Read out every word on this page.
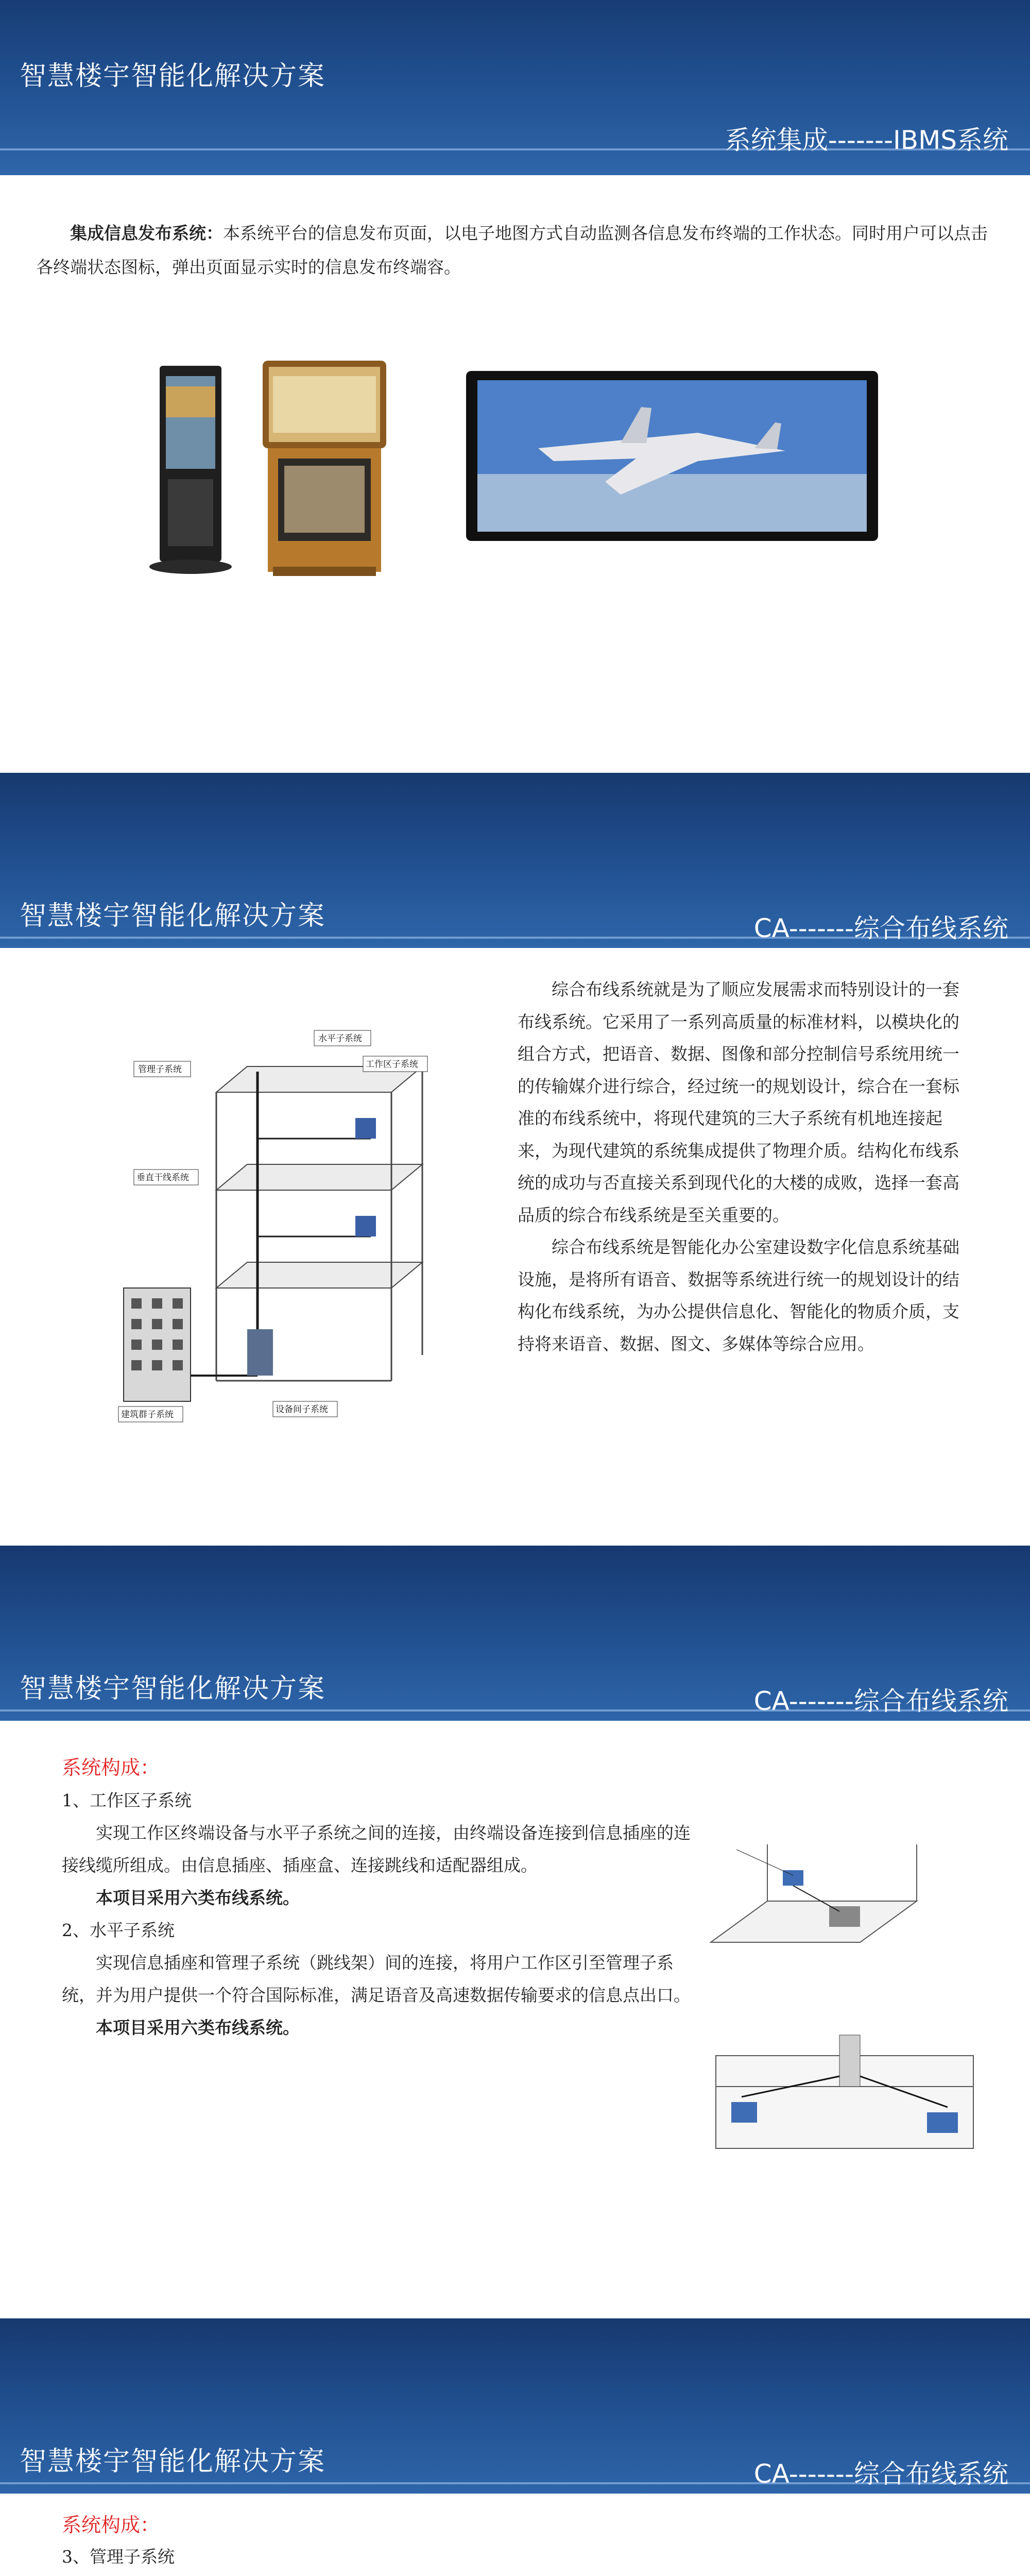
智慧楼宇智能化解决方案
系统集成-------IBMS系统

集成信息发布系统：本系统平台的信息发布页面，以电子地图方式自动监测各信息发布终端的工作状态。同时用户可以点击各终端状态图标，弹出页面显示实时的信息发布终端容。

智慧楼宇智能化解决方案	CA-------综合布线系统
管理子系统
水平子系统
工作区子系统
垂直干线系统
建筑群子系统	设备间子系统

综合布线系统就是为了顺应发展需求而特别设计的一套布线系统。它采用了一系列高质量的标准材料，以模块化的组合方式，把语音、数据、图像和部分控制信号系统用统一的传输媒介进行综合，经过统一的规划设计，综合在一套标准的布线系统中，将现代建筑的三大子系统有机地连接起来，为现代建筑的系统集成提供了物理介质。结构化布线系统的成功与否直接关系到现代化的大楼的成败，选择一套高品质的综合布线系统是至关重要的。

综合布线系统是智能化办公室建设数字化信息系统基础设施，是将所有语音、数据等系统进行统一的规划设计的结构化布线系统，为办公提供信息化、智能化的物质介质，支持将来语音、数据、图文、多媒体等综合应用。

智慧楼宇智能化解决方案	CA-------综合布线系统

系统构成：

1、工作区子系统

实现工作区终端设备与水平子系统之间的连接，由终端设备连接到信息插座的连接线缆所组成。由信息插座、插座盒、连接跳线和适配器组成。

本项目采用六类布线系统。

2、水平子系统

实现信息插座和管理子系统（跳线架）间的连接，将用户工作区引至管理子系统，并为用户提供一个符合国际标准，满足语音及高速数据传输要求的信息点出口。

本项目采用六类布线系统。

智慧楼宇智能化解决方案	CA-------综合布线系统

系统构成：

3、管理子系统
